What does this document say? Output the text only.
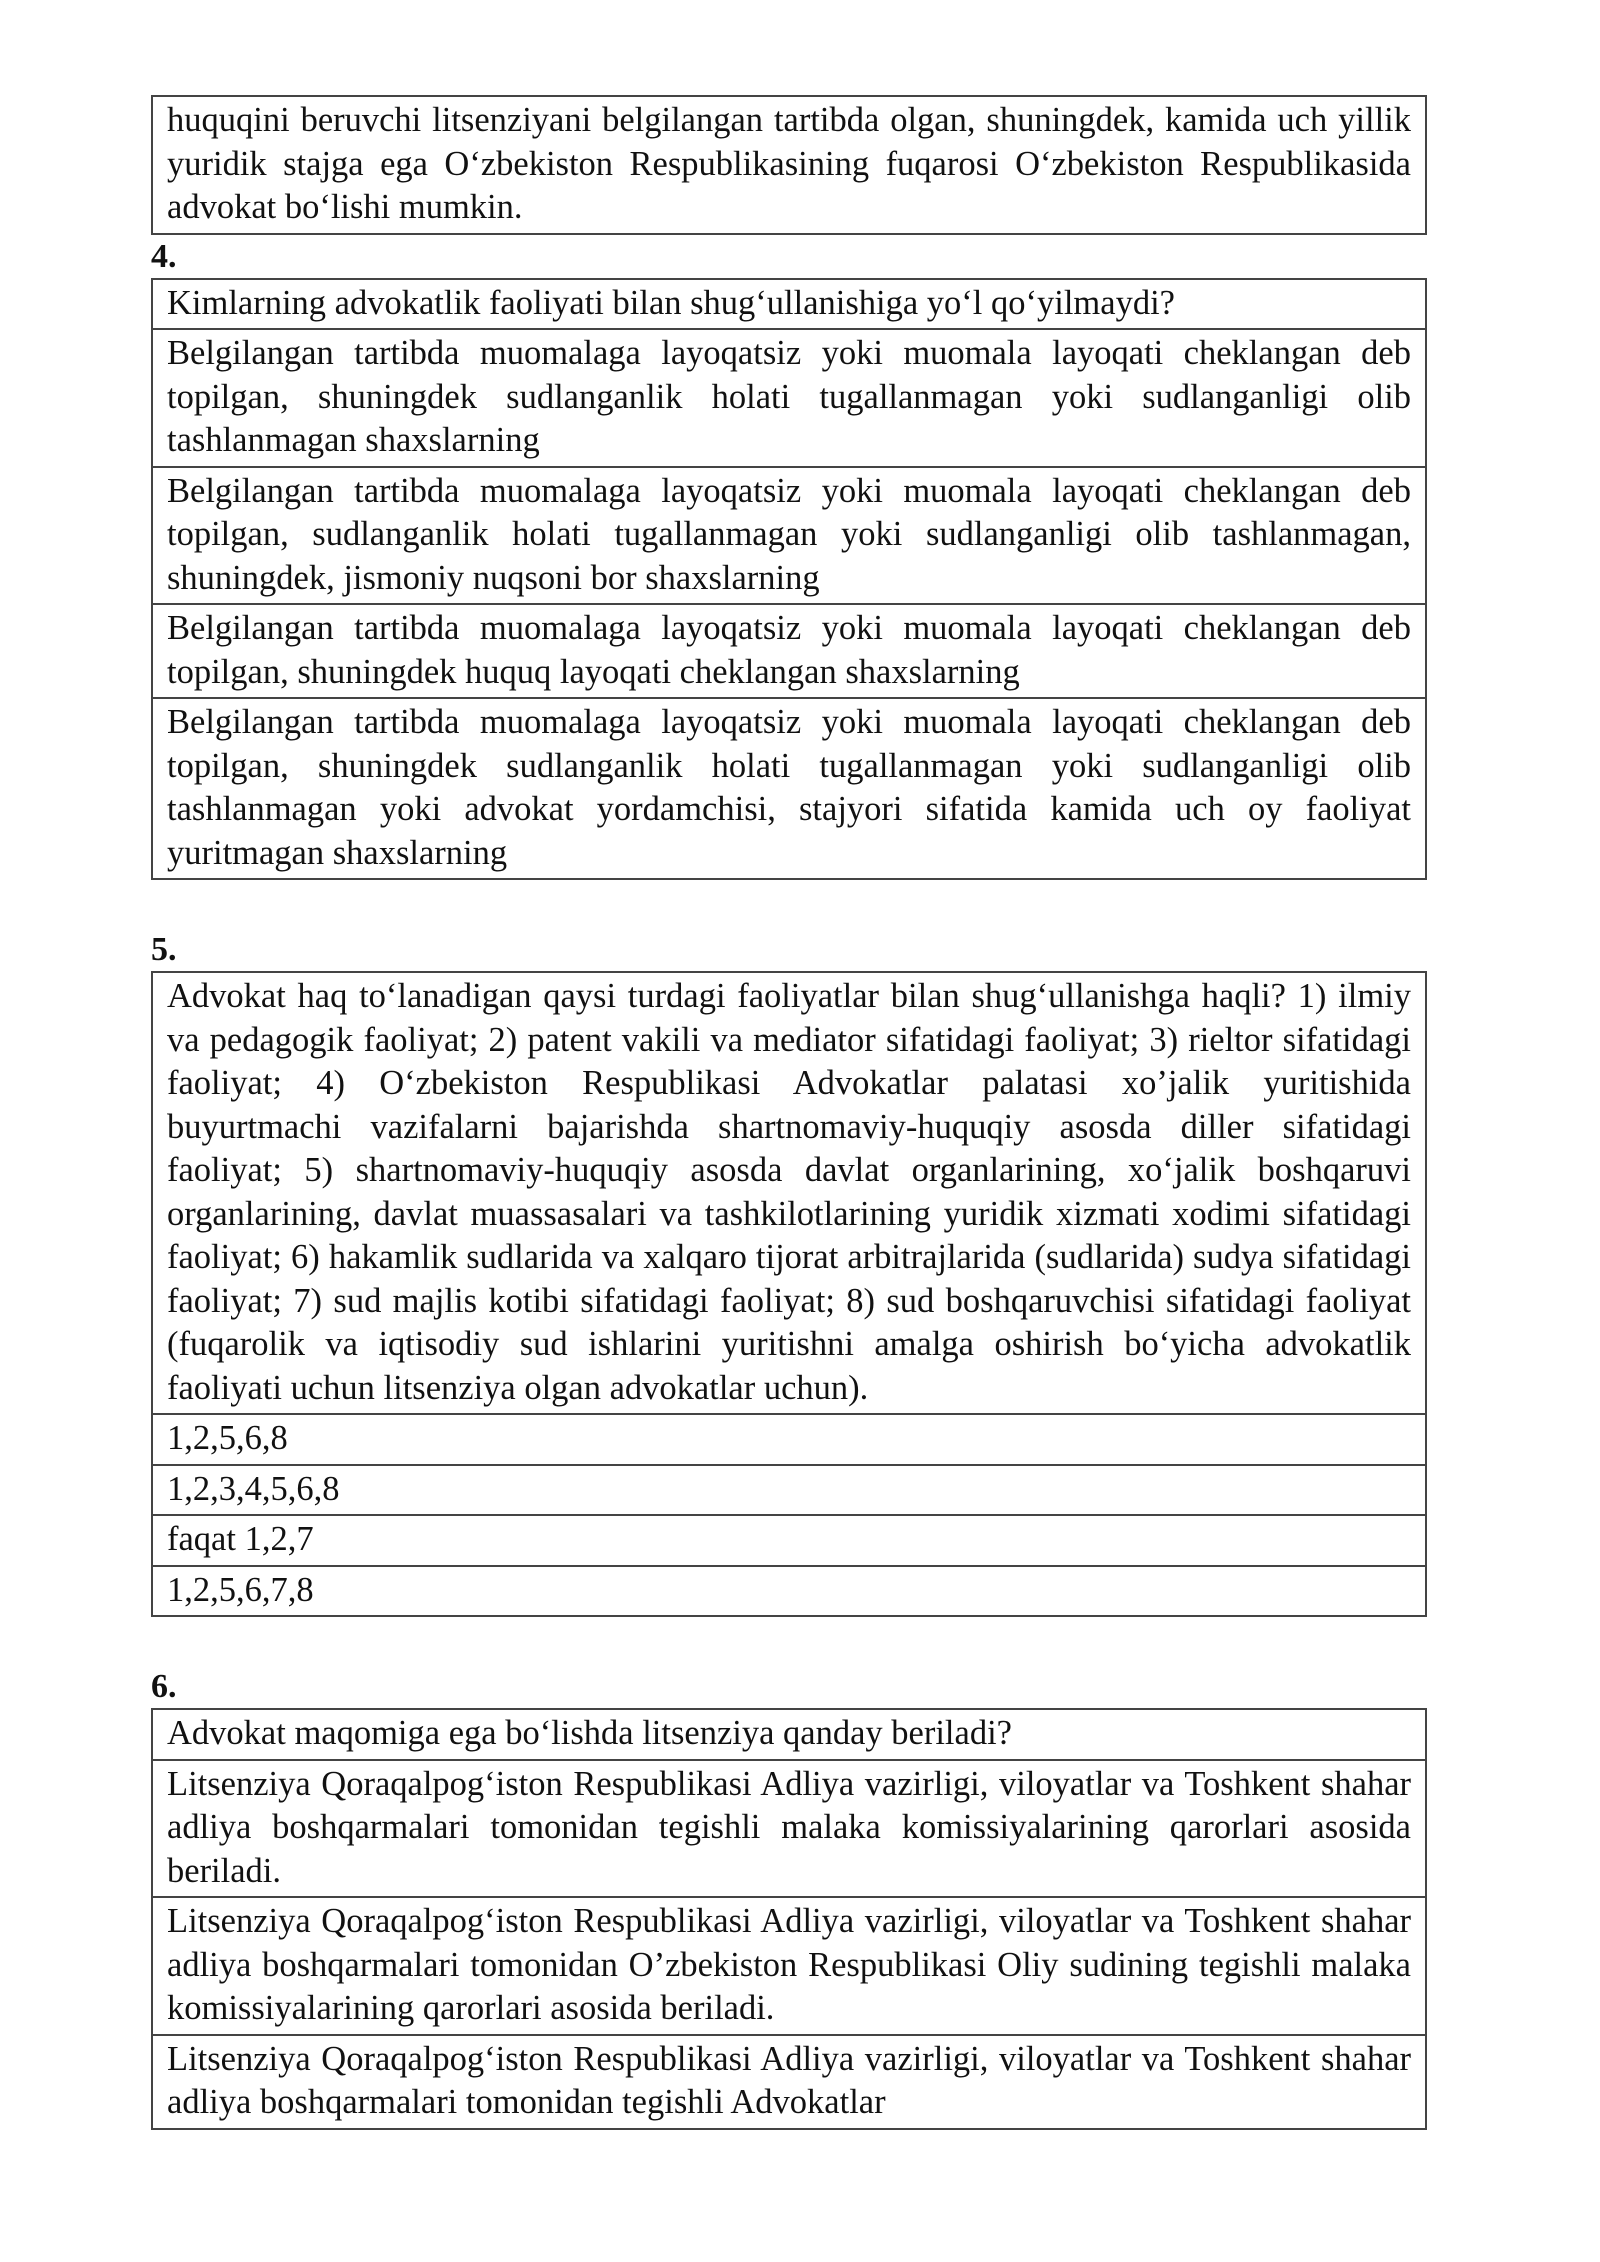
huquqini beruvchi litsenziyani belgilangan tartibda olgan, shuningdek, kamida uch yillik yuridik stajga ega O‘zbekiston Respublikasining fuqarosi O‘zbekiston Respublikasida advokat bo‘lishi mumkin.
4.
Kimlarning advokatlik faoliyati bilan shug‘ullanishiga yo‘l qo‘yilmaydi?
Belgilangan tartibda muomalaga layoqatsiz yoki muomala layoqati cheklangan deb topilgan, shuningdek sudlanganlik holati tugallanmagan yoki sudlanganligi olib tashlanmagan shaxslarning
Belgilangan tartibda muomalaga layoqatsiz yoki muomala layoqati cheklangan deb topilgan, sudlanganlik holati tugallanmagan yoki sudlanganligi olib tashlanmagan, shuningdek, jismoniy nuqsoni bor shaxslarning
Belgilangan tartibda muomalaga layoqatsiz yoki muomala layoqati cheklangan deb topilgan, shuningdek huquq layoqati cheklangan shaxslarning
Belgilangan tartibda muomalaga layoqatsiz yoki muomala layoqati cheklangan deb topilgan, shuningdek sudlanganlik holati tugallanmagan yoki sudlanganligi olib tashlanmagan yoki advokat yordamchisi, stajyori sifatida kamida uch oy faoliyat yuritmagan shaxslarning
5.
Advokat haq to‘lanadigan qaysi turdagi faoliyatlar bilan shug‘ullanishga haqli? 1) ilmiy va pedagogik faoliyat; 2) patent vakili va mediator sifatidagi faoliyat; 3) rieltor sifatidagi faoliyat; 4) O‘zbekiston Respublikasi Advokatlar palatasi xo’jalik yuritishida buyurtmachi vazifalarni bajarishda shartnomaviy-huquqiy asosda diller sifatidagi faoliyat; 5) shartnomaviy-huquqiy asosda davlat organlarining, xo‘jalik boshqaruvi organlarining, davlat muassasalari va tashkilotlarining yuridik xizmati xodimi sifatidagi faoliyat; 6) hakamlik sudlarida va xalqaro tijorat arbitrajlarida (sudlarida) sudya sifatidagi faoliyat; 7) sud majlis kotibi sifatidagi faoliyat; 8) sud boshqaruvchisi sifatidagi faoliyat (fuqarolik va iqtisodiy sud ishlarini yuritishni amalga oshirish bo‘yicha advokatlik faoliyati uchun litsenziya olgan advokatlar uchun).
1,2,5,6,8
1,2,3,4,5,6,8
faqat 1,2,7
1,2,5,6,7,8
6.
Advokat maqomiga ega bo‘lishda litsenziya qanday beriladi?
Litsenziya Qoraqalpog‘iston Respublikasi Adliya vazirligi, viloyatlar va Toshkent shahar adliya boshqarmalari tomonidan tegishli malaka komissiyalarining qarorlari asosida beriladi.
Litsenziya Qoraqalpog‘iston Respublikasi Adliya vazirligi, viloyatlar va Toshkent shahar adliya boshqarmalari tomonidan O’zbekiston Respublikasi Oliy sudining tegishli malaka komissiyalarining qarorlari asosida beriladi.
Litsenziya Qoraqalpog‘iston Respublikasi Adliya vazirligi, viloyatlar va Toshkent shahar adliya boshqarmalari tomonidan tegishli Advokatlar
